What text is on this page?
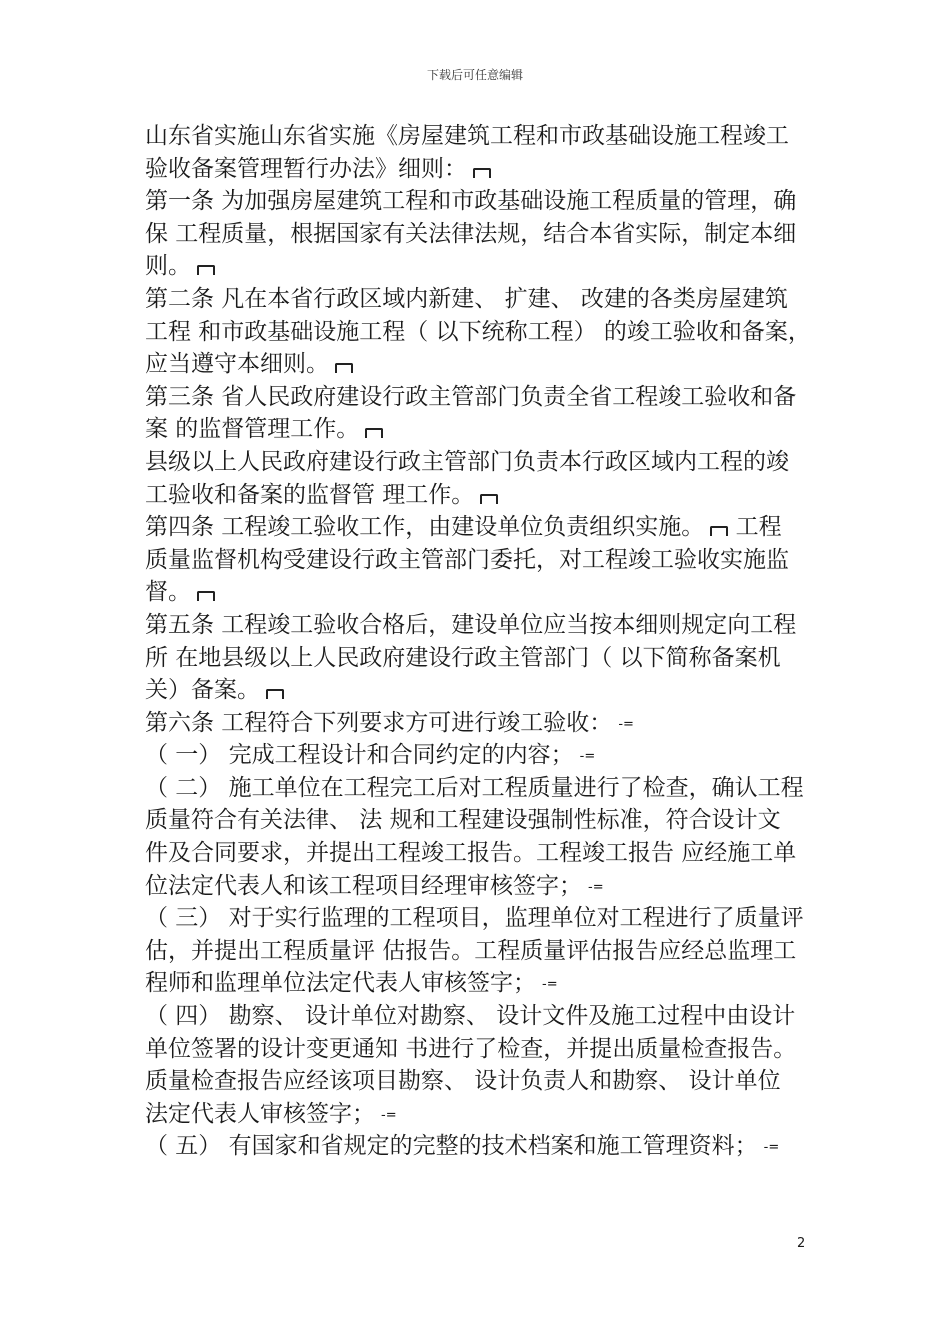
下载后可任意编辑
山东省实施山东省实施《房屋建筑工程和市政基础设施工程竣工
验收备案管理暂行办法》细则：
第一条 为加强房屋建筑工程和市政基础设施工程质量的管理，确
保 工程质量，根据国家有关法律法规，结合本省实际，制定本细
则。
第二条 凡在本省行政区域内新建、 扩建、 改建的各类房屋建筑
工程 和市政基础设施工程（ 以下统称工程） 的竣工验收和备案，
应当遵守本细则。
第三条 省人民政府建设行政主管部门负责全省工程竣工验收和备
案 的监督管理工作。
县级以上人民政府建设行政主管部门负责本行政区域内工程的竣
工验收和备案的监督管 理工作。
第四条 工程竣工验收工作，由建设单位负责组织实施。 工程
质量监督机构受建设行政主管部门委托，对工程竣工验收实施监
督。
第五条 工程竣工验收合格后，建设单位应当按本细则规定向工程
所 在地县级以上人民政府建设行政主管部门（ 以下简称备案机
关）备案。
第六条 工程符合下列要求方可进行竣工验收： -=
（ 一） 完成工程设计和合同约定的内容； -=
（ 二） 施工单位在工程完工后对工程质量进行了检查，确认工程
质量符合有关法律、 法 规和工程建设强制性标准，符合设计文
件及合同要求，并提出工程竣工报告。工程竣工报告 应经施工单
位法定代表人和该工程项目经理审核签字； -=
（ 三） 对于实行监理的工程项目，监理单位对工程进行了质量评
估，并提出工程质量评 估报告。工程质量评估报告应经总监理工
程师和监理单位法定代表人审核签字； -=
（ 四） 勘察、 设计单位对勘察、 设计文件及施工过程中由设计
单位签署的设计变更通知 书进行了检查，并提出质量检查报告。
质量检查报告应经该项目勘察、 设计负责人和勘察、 设计单位
法定代表人审核签字； -=
（ 五） 有国家和省规定的完整的技术档案和施工管理资料； -=
2
